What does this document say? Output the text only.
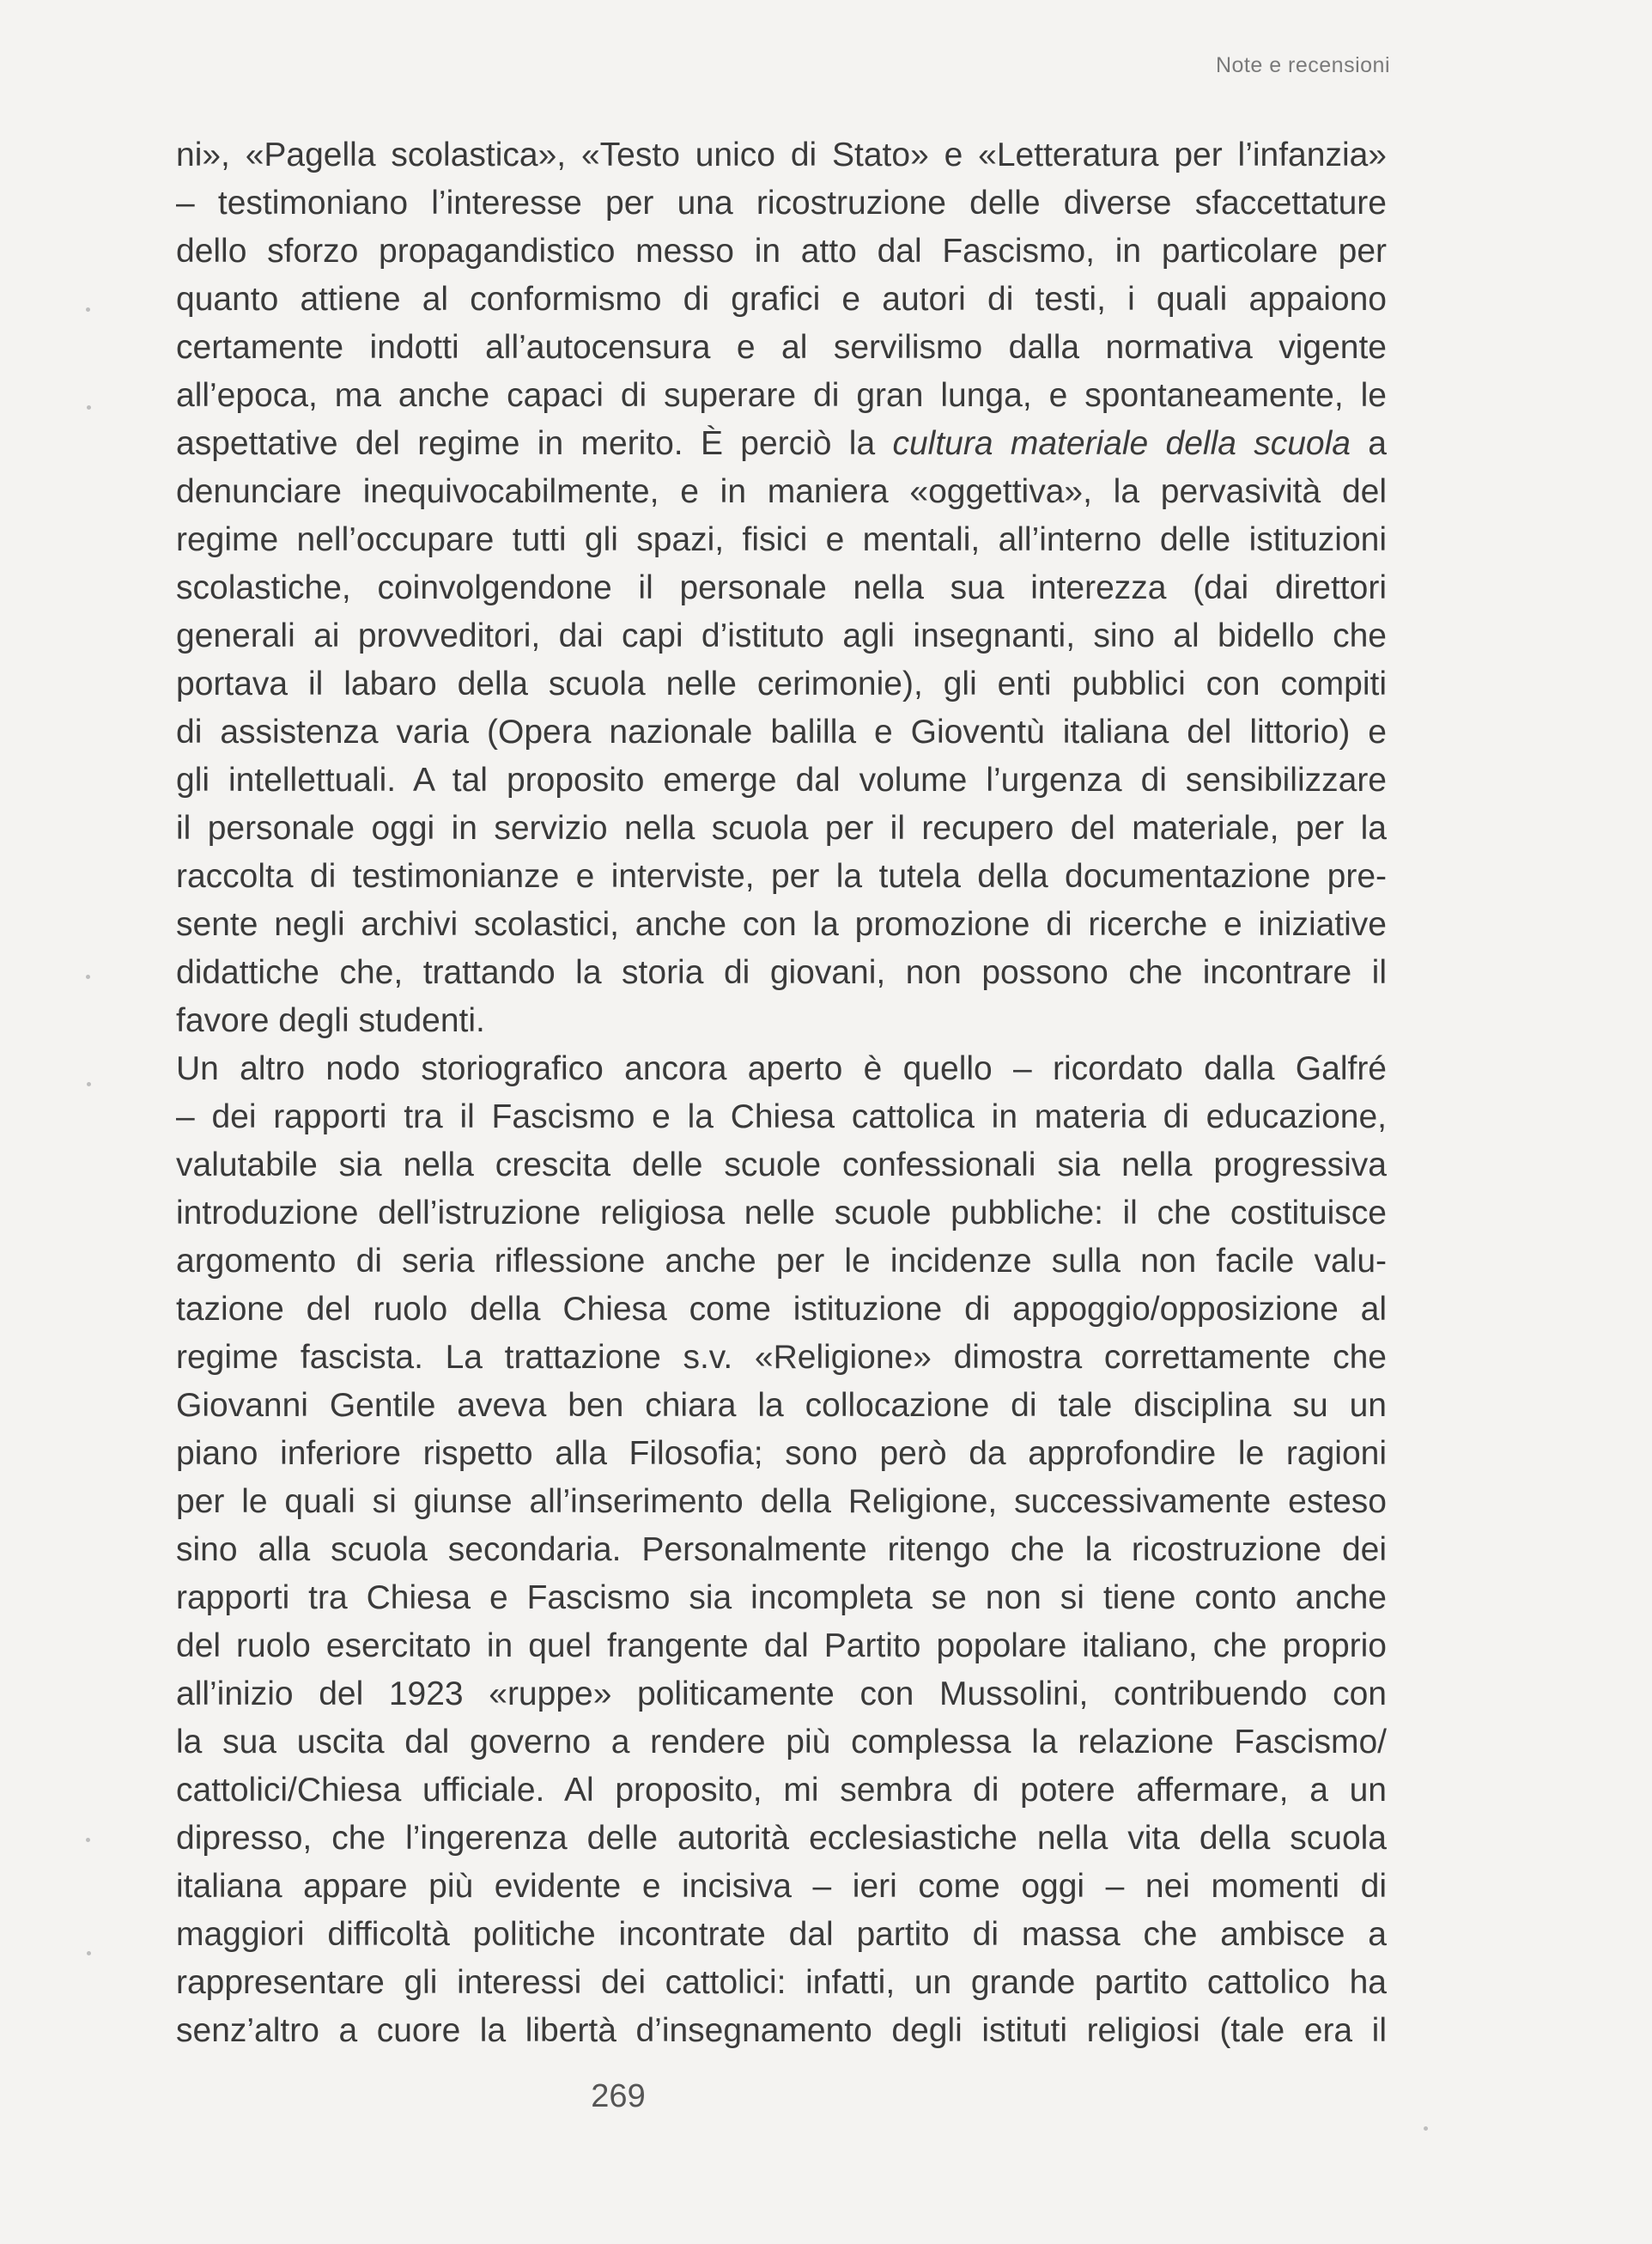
Note e recensioni
ni», «Pagella scolastica», «Testo unico di Stato» e «Letteratura per l’infanzia»
– testimoniano l’interesse per una ricostruzione delle diverse sfaccettature
dello sforzo propagandistico messo in atto dal Fascismo, in particolare per
quanto attiene al conformismo di grafici e autori di testi, i quali appaiono
certamente indotti all’autocensura e al servilismo dalla normativa vigente
all’epoca, ma anche capaci di superare di gran lunga, e spontaneamente, le
aspettative del regime in merito. È perciò la cultura materiale della scuola a
denunciare inequivocabilmente, e in maniera «oggettiva», la pervasività del
regime nell’occupare tutti gli spazi, fisici e mentali, all’interno delle istituzioni
scolastiche, coinvolgendone il personale nella sua interezza (dai direttori
generali ai provveditori, dai capi d’istituto agli insegnanti, sino al bidello che
portava il labaro della scuola nelle cerimonie), gli enti pubblici con compiti
di assistenza varia (Opera nazionale balilla e Gioventù italiana del littorio) e
gli intellettuali. A tal proposito emerge dal volume l’urgenza di sensibilizzare
il personale oggi in servizio nella scuola per il recupero del materiale, per la
raccolta di testimonianze e interviste, per la tutela della documentazione pre-
sente negli archivi scolastici, anche con la promozione di ricerche e iniziative
didattiche che, trattando la storia di giovani, non possono che incontrare il
favore degli studenti.
Un altro nodo storiografico ancora aperto è quello – ricordato dalla Galfré
– dei rapporti tra il Fascismo e la Chiesa cattolica in materia di educazione,
valutabile sia nella crescita delle scuole confessionali sia nella progressiva
introduzione dell’istruzione religiosa nelle scuole pubbliche: il che costituisce
argomento di seria riflessione anche per le incidenze sulla non facile valu-
tazione del ruolo della Chiesa come istituzione di appoggio/opposizione al
regime fascista. La trattazione s.v. «Religione» dimostra correttamente che
Giovanni Gentile aveva ben chiara la collocazione di tale disciplina su un
piano inferiore rispetto alla Filosofia; sono però da approfondire le ragioni
per le quali si giunse all’inserimento della Religione, successivamente esteso
sino alla scuola secondaria. Personalmente ritengo che la ricostruzione dei
rapporti tra Chiesa e Fascismo sia incompleta se non si tiene conto anche
del ruolo esercitato in quel frangente dal Partito popolare italiano, che proprio
all’inizio del 1923 «ruppe» politicamente con Mussolini, contribuendo con
la sua uscita dal governo a rendere più complessa la relazione Fascismo/
cattolici/Chiesa ufficiale. Al proposito, mi sembra di potere affermare, a un
dipresso, che l’ingerenza delle autorità ecclesiastiche nella vita della scuola
italiana appare più evidente e incisiva – ieri come oggi – nei momenti di
maggiori difficoltà politiche incontrate dal partito di massa che ambisce a
rappresentare gli interessi dei cattolici: infatti, un grande partito cattolico ha
senz’altro a cuore la libertà d’insegnamento degli istituti religiosi (tale era il
269
